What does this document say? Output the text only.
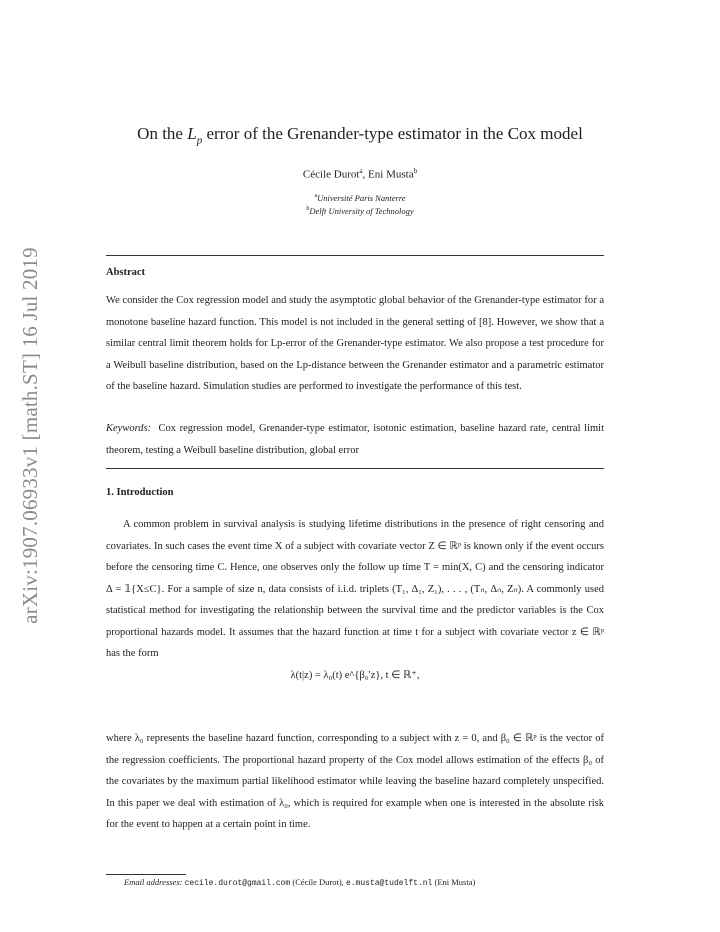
arXiv:1907.06933v1 [math.ST] 16 Jul 2019
On the $L_p$ error of the Grenander-type estimator in the Cox model
Cécile Durot$^a$, Eni Musta$^b$
$^a$Université Paris Nanterre
$^b$Delft University of Technology
Abstract
We consider the Cox regression model and study the asymptotic global behavior of the Grenander-type estimator for a monotone baseline hazard function. This model is not included in the general setting of [8]. However, we show that a similar central limit theorem holds for Lp-error of the Grenander-type estimator. We also propose a test procedure for a Weibull baseline distribution, based on the Lp-distance between the Grenander estimator and a parametric estimator of the baseline hazard. Simulation studies are performed to investigate the performance of this test.
Keywords: Cox regression model, Grenander-type estimator, isotonic estimation, baseline hazard rate, central limit theorem, testing a Weibull baseline distribution, global error
1. Introduction
A common problem in survival analysis is studying lifetime distributions in the presence of right censoring and covariates. In such cases the event time X of a subject with covariate vector Z ∈ ℝᵖ is known only if the event occurs before the censoring time C. Hence, one observes only the follow up time T = min(X, C) and the censoring indicator Δ = 𝟙{X≤C}. For a sample of size n, data consists of i.i.d. triplets (T₁, Δ₁, Z₁), . . . , (Tₙ, Δₙ, Zₙ). A commonly used statistical method for investigating the relationship between the survival time and the predictor variables is the Cox proportional hazards model. It assumes that the hazard function at time t for a subject with covariate vector z ∈ ℝᵖ has the form
λ(t|z) = λ₀(t) e^{β₀′z}, t ∈ ℝ⁺,
where λ₀ represents the baseline hazard function, corresponding to a subject with z = 0, and β₀ ∈ ℝᵖ is the vector of the regression coefficients. The proportional hazard property of the Cox model allows estimation of the effects β₀ of the covariates by the maximum partial likelihood estimator while leaving the baseline hazard completely unspecified. In this paper we deal with estimation of λ₀, which is required for example when one is interested in the absolute risk for the event to happen at a certain point in time.
Email addresses: cecile.durot@gmail.com (Cécile Durot), e.musta@tudelft.nl (Eni Musta)
